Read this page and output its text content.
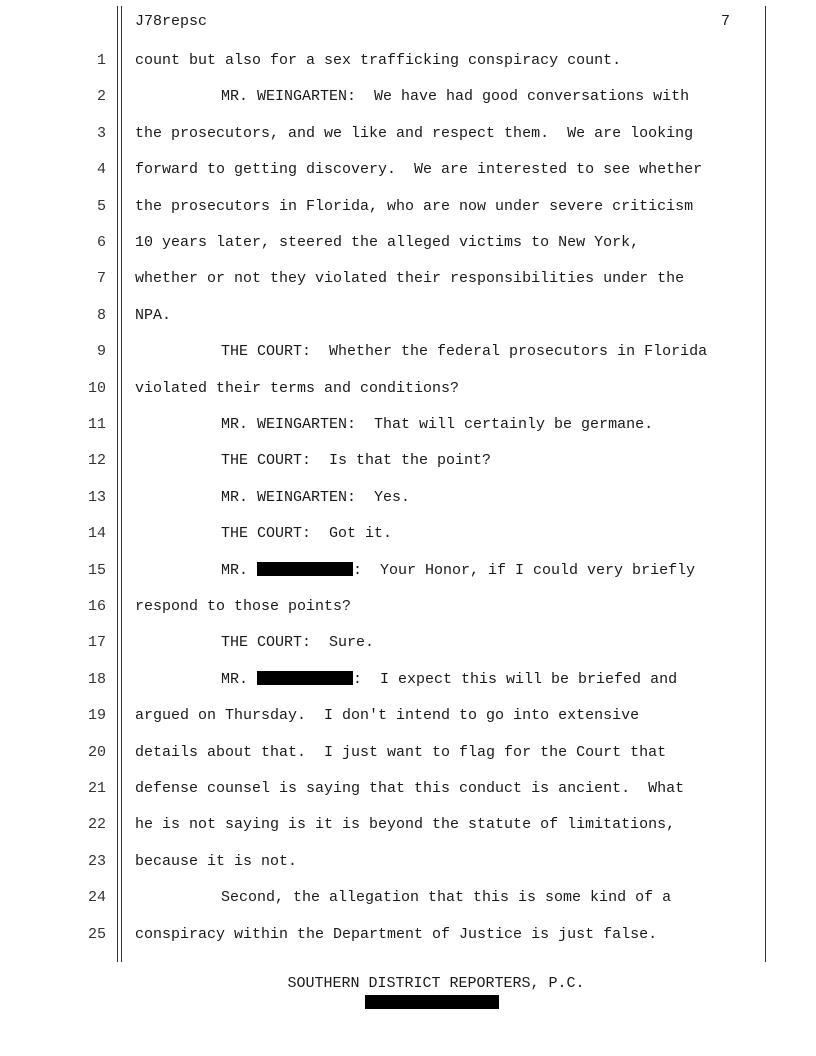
J78repsc	7
1 count but also for a sex trafficking conspiracy count.
2	MR. WEINGARTEN:  We have had good conversations with
3 the prosecutors, and we like and respect them.  We are looking
4 forward to getting discovery.  We are interested to see whether
5 the prosecutors in Florida, who are now under severe criticism
6 10 years later, steered the alleged victims to New York,
7 whether or not they violated their responsibilities under the
8 NPA.
9	THE COURT:  Whether the federal prosecutors in Florida
10 violated their terms and conditions?
11	MR. WEINGARTEN:  That will certainly be germane.
12	THE COURT:  Is that the point?
13	MR. WEINGARTEN:  Yes.
14	THE COURT:  Got it.
15	MR.	:  Your Honor, if I could very briefly
16 respond to those points?
17	THE COURT:  Sure.
18	MR.	:  I expect this will be briefed and
19 argued on Thursday.  I don't intend to go into extensive
20 details about that.  I just want to flag for the Court that
21 defense counsel is saying that this conduct is ancient.  What
22 he is not saying is it is beyond the statute of limitations,
23 because it is not.
24	Second, the allegation that this is some kind of a
25 conspiracy within the Department of Justice is just false.
SOUTHERN DISTRICT REPORTERS, P.C.
